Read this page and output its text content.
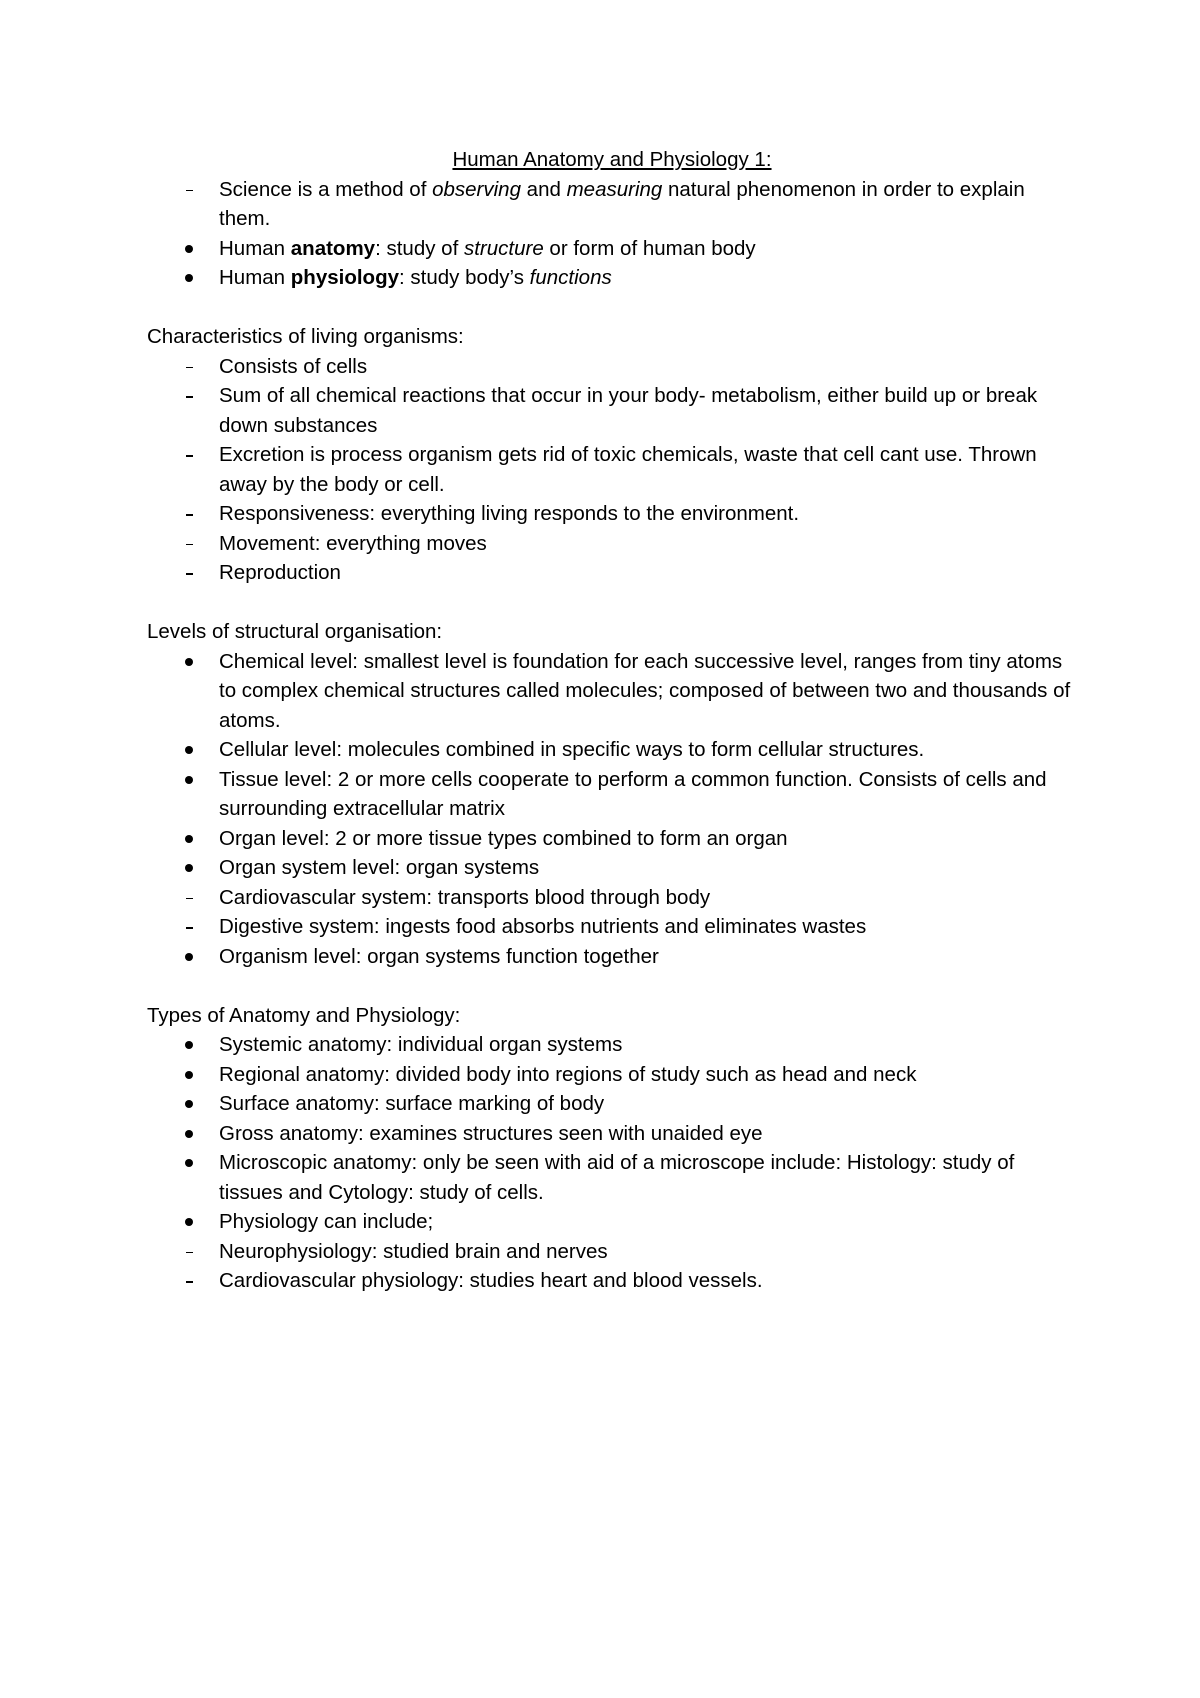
Human Anatomy and Physiology 1:
Science is a method of observing and measuring natural phenomenon in order to explain them.
Human anatomy: study of structure or form of human body
Human physiology: study body’s functions
Characteristics of living organisms:
Consists of cells
Sum of all chemical reactions that occur in your body- metabolism, either build up or break down substances
Excretion is process organism gets rid of toxic chemicals, waste that cell cant use. Thrown away by the body or cell.
Responsiveness: everything living responds to the environment.
Movement: everything moves
Reproduction
Levels of structural organisation:
Chemical level: smallest level is foundation for each successive level, ranges from tiny atoms to complex chemical structures called molecules; composed of between two and thousands of atoms.
Cellular level: molecules combined in specific ways to form cellular structures.
Tissue level: 2 or more cells cooperate to perform a common function. Consists of cells and surrounding extracellular matrix
Organ level: 2 or more tissue types combined to form an organ
Organ system level: organ systems
Cardiovascular system: transports blood through body
Digestive system: ingests food absorbs nutrients and eliminates wastes
Organism level: organ systems function together
Types of Anatomy and Physiology:
Systemic anatomy: individual organ systems
Regional anatomy: divided body into regions of study such as head and neck
Surface anatomy: surface marking of body
Gross anatomy: examines structures seen with unaided eye
Microscopic anatomy: only be seen with aid of a microscope include: Histology: study of tissues and Cytology: study of cells.
Physiology can include;
Neurophysiology: studied brain and nerves
Cardiovascular physiology: studies heart and blood vessels.
